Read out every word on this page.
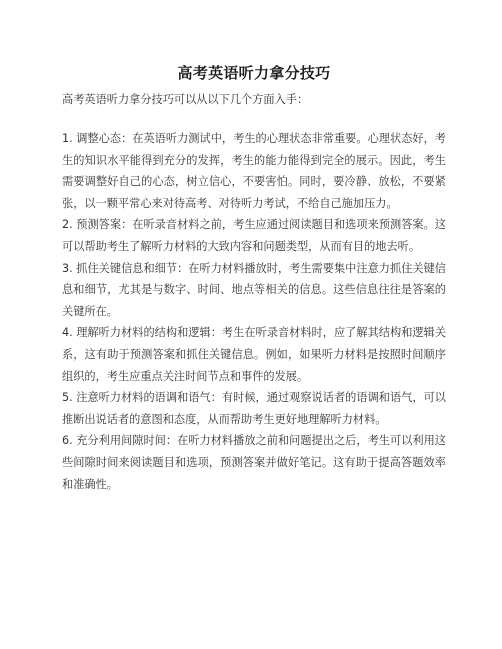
高考英语听力拿分技巧

高考英语听力拿分技巧可以从以下几个方面入手：

1. 调整心态：在英语听力测试中，考生的心理状态非常重要。心理状态好，考生的知识水平能得到充分的发挥，考生的能力能得到完全的展示。因此，考生需要调整好自己的心态，树立信心，不要害怕。同时，要冷静、放松，不要紧张，以一颗平常心来对待高考、对待听力考试，不给自己施加压力。

2. 预测答案：在听录音材料之前，考生应通过阅读题目和选项来预测答案。这可以帮助考生了解听力材料的大致内容和问题类型，从而有目的地去听。

3. 抓住关键信息和细节：在听力材料播放时，考生需要集中注意力抓住关键信息和细节，尤其是与数字、时间、地点等相关的信息。这些信息往往是答案的关键所在。

4. 理解听力材料的结构和逻辑：考生在听录音材料时，应了解其结构和逻辑关系，这有助于预测答案和抓住关键信息。例如，如果听力材料是按照时间顺序组织的，考生应重点关注时间节点和事件的发展。

5. 注意听力材料的语调和语气：有时候，通过观察说话者的语调和语气，可以推断出说话者的意图和态度，从而帮助考生更好地理解听力材料。

6. 充分利用间隙时间：在听力材料播放之前和问题提出之后，考生可以利用这些间隙时间来阅读题目和选项，预测答案并做好笔记。这有助于提高答题效率和准确性。
